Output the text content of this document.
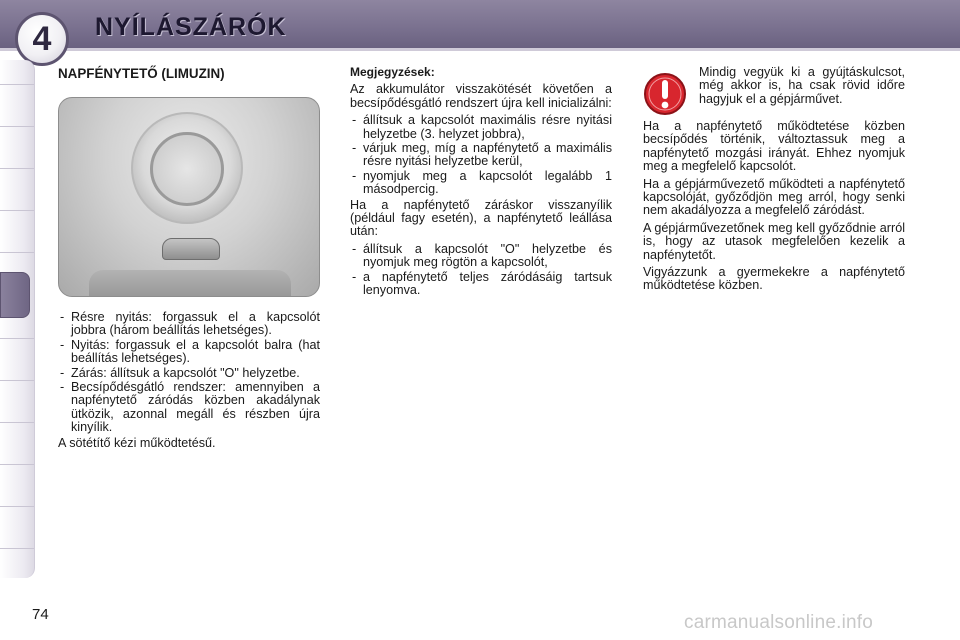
4	NYÍLÁSZÁRÓK
NAPFÉNYTETŐ (LIMUZIN)
- Résre nyitás: forgassuk el a kapcsolót jobbra (három beállítás lehetséges).
- Nyitás: forgassuk el a kapcsolót balra (hat beállítás lehetséges).
- Zárás: állítsuk a kapcsolót "O" helyzetbe.
- Becsípődésgátló rendszer: amennyiben a napfénytető záródás közben akadálynak ütközik, azonnal megáll és részben újra kinyílik.

A sötétítő kézi működtetésű.

Megjegyzések:

Az akkumulátor visszakötését követően a becsípődésgátló rendszert újra kell inicializálni:

- állítsuk a kapcsolót maximális résre nyitási helyzetbe (3. helyzet jobbra),
- várjuk meg, míg a napfénytető a maximális résre nyitási helyzetbe kerül,
- nyomjuk meg a kapcsolót legalább 1 másodpercig.

Ha a napfénytető záráskor visszanyílik (például fagy esetén), a napfénytető leállása után:

- állítsuk a kapcsolót "O" helyzetbe és nyomjuk meg rögtön a kapcsolót,
- a napfénytető teljes záródásáig tartsuk lenyomva.

Mindig vegyük ki a gyújtáskulcsot, még akkor is, ha csak rövid időre hagyjuk el a gépjárművet.

Ha a napfénytető működtetése közben becsípődés történik, változtassuk meg a napfénytető mozgási irányát. Ehhez nyomjuk meg a megfelelő kapcsolót.

Ha a gépjárművezető működteti a napfénytető kapcsolóját, győződjön meg arról, hogy senki nem akadályozza a megfelelő záródást.

A gépjárművezetőnek meg kell győződnie arról is, hogy az utasok megfelelően kezelik a napfénytetőt.

Vigyázzunk a gyermekekre a napfénytető működtetése közben.

74	carmanualsonline.info
